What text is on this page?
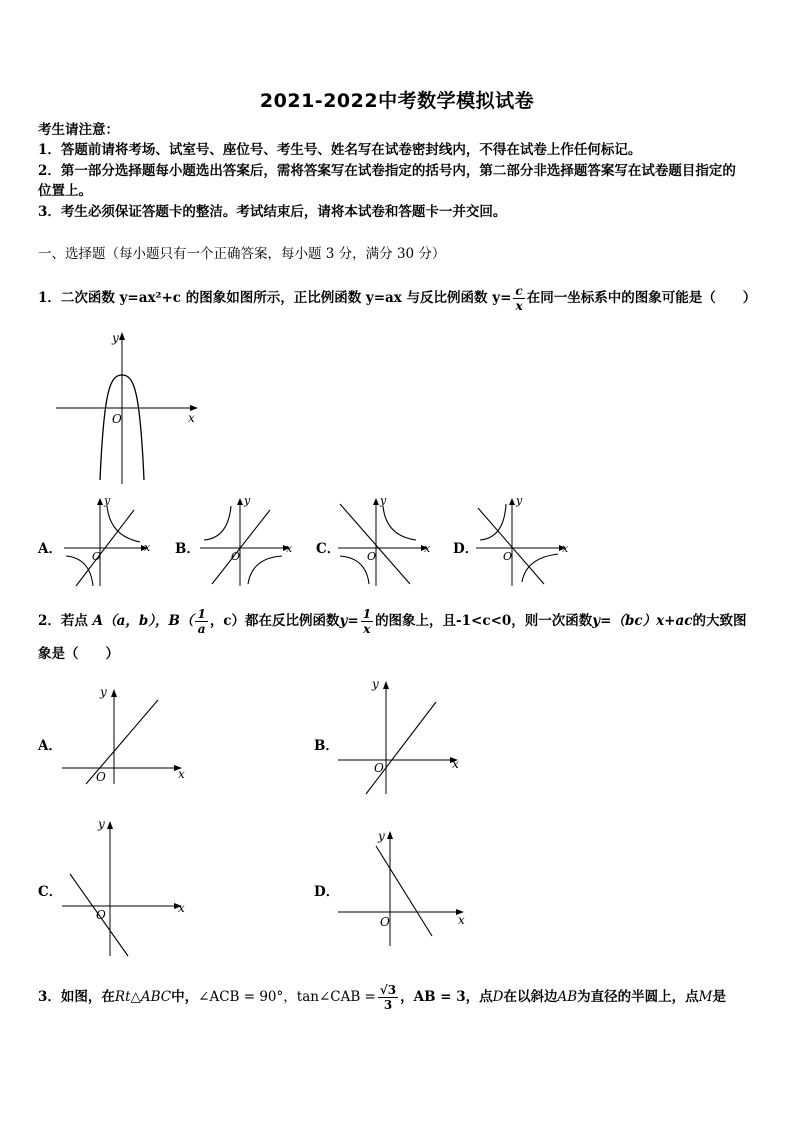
2021-2022中考数学模拟试卷
考生请注意：
1．答题前请将考场、试室号、座位号、考生号、姓名写在试卷密封线内，不得在试卷上作任何标记。
2．第一部分选择题每小题选出答案后，需将答案写在试卷指定的括号内，第二部分非选择题答案写在试卷题目指定的
位置上。
3．考生必须保证答题卡的整洁。考试结束后，请将本试卷和答题卡一并交回。
一、选择题（每小题只有一个正确答案，每小题 3 分，满分 30 分）
1．二次函数 y=ax²+c 的图象如图所示，正比例函数 y=ax 与反比例函数 $y= \frac{c}{x}$ 在同一坐标系中的图象可能是（　　）
O	x
y
A．	O
x
y
B．	O
x
y
C． O
x
y
D． O
x
y
2．若点 A（a，b），$B( \frac{1}{a}$ ，c）都在反比例函数$y= \frac{1}{x}$ 的图象上，且-1<c<0，则一次函数y=（bc）x+ac的大致图
象是（　　）
A．
O	x
y
B．
O	x
y
C．
O	x
y
D．
O	x
y
3．如图，在Rt△ABC中，∠ACB = 90°，tan∠CAB = $\frac{√3}{3}$ ，AB = 3，点D在以斜边AB为直径的半圆上，点M是
